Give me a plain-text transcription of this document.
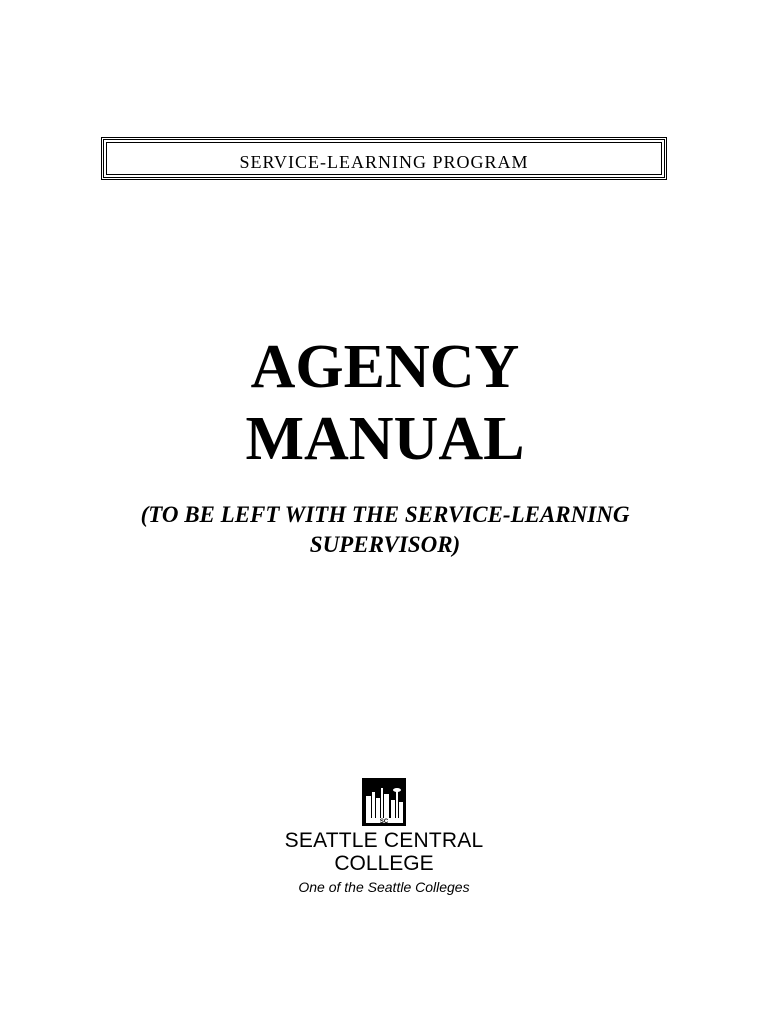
service-learning program
AGENCY
MANUAL
(TO BE LEFT WITH THE SERVICE-LEARNING
SUPERVISOR)
SC
SEATTLE CENTRAL
COLLEGE
One of the Seattle Colleges
